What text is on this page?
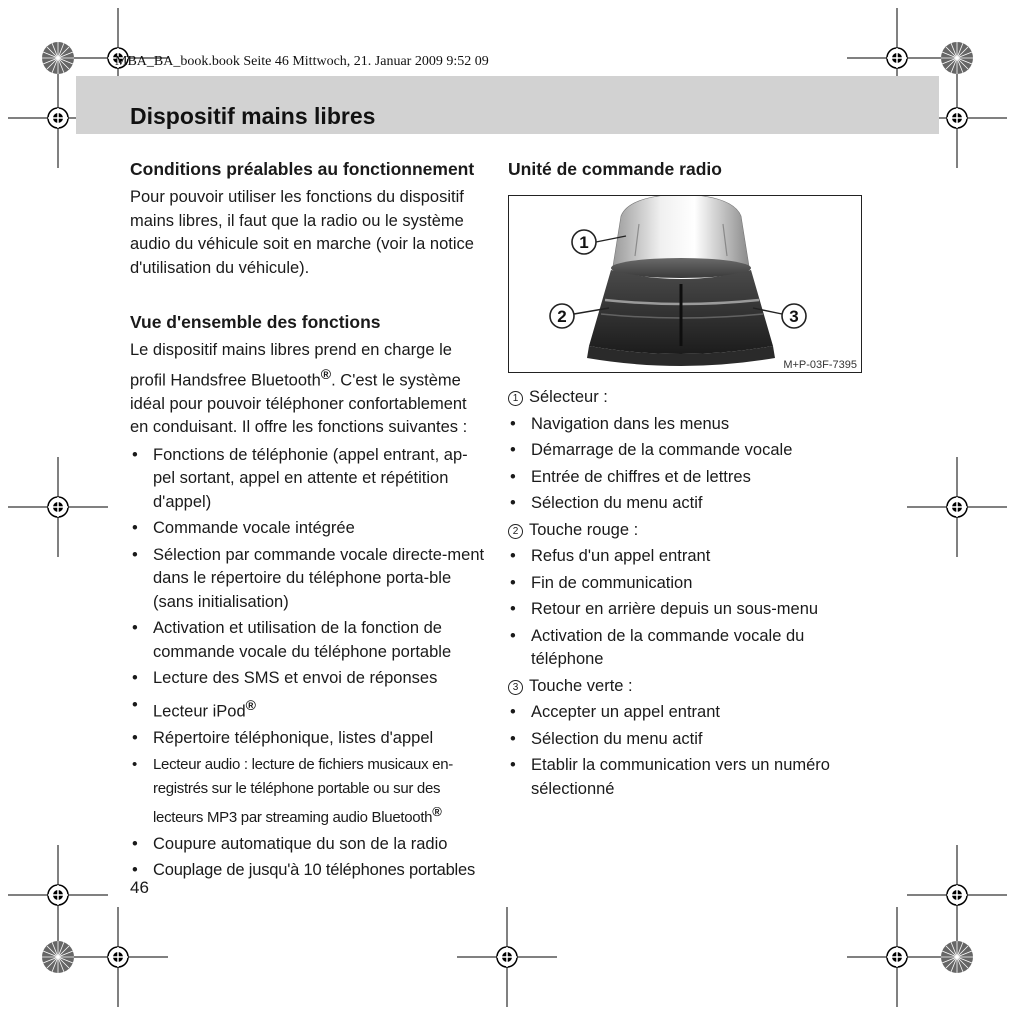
MBA_BA_book.book Seite 46 Mittwoch, 21. Januar 2009 9:52 09
Dispositif mains libres
Conditions préalables au fonctionnement

Pour pouvoir utiliser les fonctions du dispositif mains libres, il faut que la radio ou le système audio du véhicule soit en marche (voir la notice d'utilisation du véhicule).

Vue d'ensemble des fonctions

Le dispositif mains libres prend en charge le profil Handsfree Bluetooth®. C'est le système idéal pour pouvoir téléphoner confortablement en conduisant. Il offre les fonctions suivantes :

• Fonctions de téléphonie (appel entrant, ap-pel sortant, appel en attente et répétition d'appel)
• Commande vocale intégrée
• Sélection par commande vocale directe-ment dans le répertoire du téléphone porta-ble (sans initialisation)
• Activation et utilisation de la fonction de commande vocale du téléphone portable
• Lecture des SMS et envoi de réponses
• Lecteur iPod®
• Répertoire téléphonique, listes d'appel
• Lecteur audio : lecture de fichiers musicaux en-registrés sur le téléphone portable ou sur des lecteurs MP3 par streaming audio Bluetooth®
• Coupure automatique du son de la radio
• Couplage de jusqu'à 10 téléphones portables
Unité de commande radio
1
2	3
M+P-03F-7395

1 Sélecteur :

• Navigation dans les menus
• Démarrage de la commande vocale
• Entrée de chiffres et de lettres
• Sélection du menu actif

2 Touche rouge :

• Refus d'un appel entrant
• Fin de communication
• Retour en arrière depuis un sous-menu
• Activation de la commande vocale du téléphone

3 Touche verte :

• Accepter un appel entrant
• Sélection du menu actif
• Etablir la communication vers un numéro sélectionné
46
